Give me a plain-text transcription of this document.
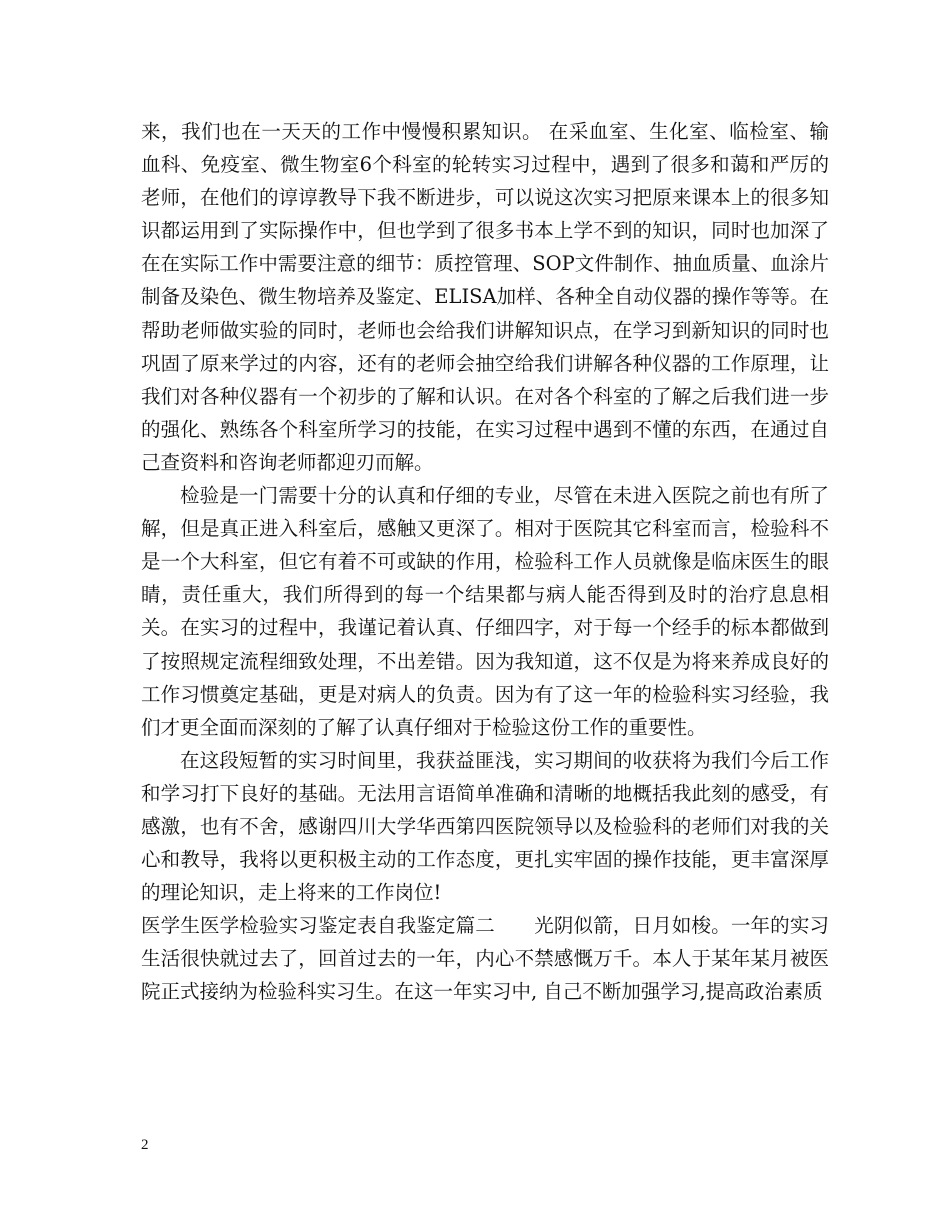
来，我们也在一天天的工作中慢慢积累知识。 在采血室、生化室、临检室、输血科、免疫室、微生物室6个科室的轮转实习过程中，遇到了很多和蔼和严厉的老师，在他们的谆谆教导下我不断进步，可以说这次实习把原来课本上的很多知识都运用到了实际操作中，但也学到了很多书本上学不到的知识，同时也加深了在在实际工作中需要注意的细节：质控管理、SOP文件制作、抽血质量、血涂片制备及染色、微生物培养及鉴定、ELISA加样、各种全自动仪器的操作等等。在帮助老师做实验的同时，老师也会给我们讲解知识点，在学习到新知识的同时也巩固了原来学过的内容，还有的老师会抽空给我们讲解各种仪器的工作原理，让我们对各种仪器有一个初步的了解和认识。在对各个科室的了解之后我们进一步的强化、熟练各个科室所学习的技能，在实习过程中遇到不懂的东西，在通过自己查资料和咨询老师都迎刃而解。

检验是一门需要十分的认真和仔细的专业，尽管在未进入医院之前也有所了解，但是真正进入科室后，感触又更深了。相对于医院其它科室而言，检验科不是一个大科室，但它有着不可或缺的作用，检验科工作人员就像是临床医生的眼睛，责任重大，我们所得到的每一个结果都与病人能否得到及时的治疗息息相关。在实习的过程中，我谨记着认真、仔细四字，对于每一个经手的标本都做到了按照规定流程细致处理，不出差错。因为我知道，这不仅是为将来养成良好的工作习惯奠定基础，更是对病人的负责。因为有了这一年的检验科实习经验，我们才更全面而深刻的了解了认真仔细对于检验这份工作的重要性。

在这段短暂的实习时间里，我获益匪浅，实习期间的收获将为我们今后工作和学习打下良好的基础。无法用言语简单准确和清晰的地概括我此刻的感受，有感激，也有不舍，感谢四川大学华西第四医院领导以及检验科的老师们对我的关心和教导，我将以更积极主动的工作态度，更扎实牢固的操作技能，更丰富深厚的理论知识，走上将来的工作岗位!

医学生医学检验实习鉴定表自我鉴定篇二　　光阴似箭，日月如梭。一年的实习生活很快就过去了，回首过去的一年，内心不禁感慨万千。本人于某年某月被医院正式接纳为检验科实习生。在这一年实习中, 自己不断加强学习,提高政治素质

2
